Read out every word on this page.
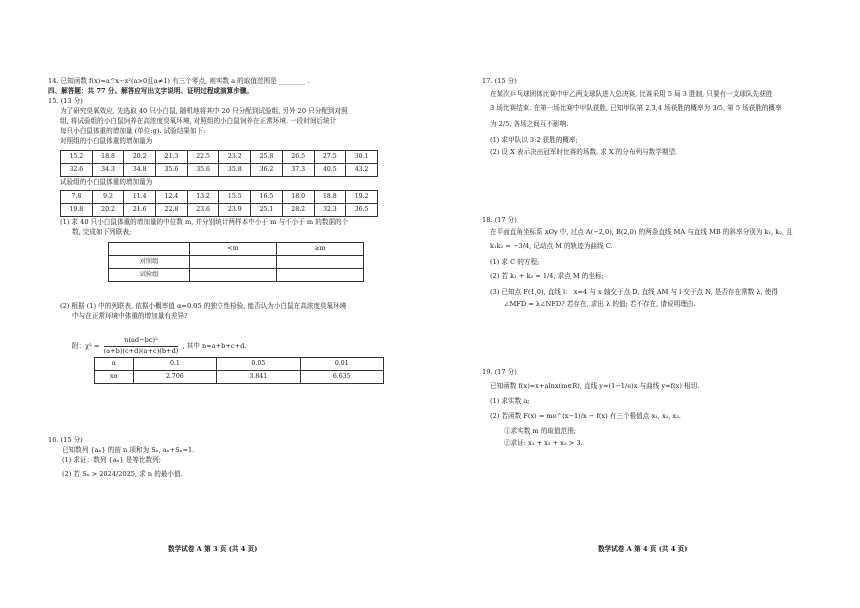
14. 已知函数 f(x)=a^x−x²(a>0且a≠1) 有三个零点, 则实数 a 的取值范围是 ________ .
四、解答题：共 77 分。解答应写出文字说明、证明过程或演算步骤。
15. (13 分)
为了研究臭氧效应, 先选取 40 只小白鼠, 随机地将其中 20 只分配到试验组, 另外 20 只分配到对照
组, 将试验组的小白鼠饲养在高浓度臭氧环境, 对照组的小白鼠饲养在正常环境. 一段时间后统计
每只小白鼠体重的增加量 (单位:g). 试验结果如下:
对照组的小白鼠体重的增加量为
15.2	18.8	20.2	21.3	22.5	23.2	25.8	26.5	27.5	30.1
32.6	34.3	34.8	35.6	35.6	35.8	36.2	37.3	40.5	43.2
试验组的小白鼠体重的增加量为
7.8	9.2	11.4	12.4	13.2	15.5	16.5	18.0	18.8	19.2
19.8	20.2	21.6	22.8	23.6	23.9	25.1	28.2	32.3	36.5
(1) 求 40 只小白鼠体重的增加量的中位数 m, 并分别统计两样本中小于 m 与不小于 m 的数据的个
数, 完成如下列联表;
	<m	≥m
对照组		
试验组		
(2) 根据 (1) 中的列联表, 依据小概率值 α=0.05 的独立性检验, 能否认为小白鼠在高浓度臭氧环境
中与在正常环境中体重的增加量有差异?
附：$\chi^2 = \frac{\text{n(ad−bc)²}}{(a+b)(c+d)(a+c)(b+d)}$ , 其中 n=a+b+c+d.
α	0.1	0.05	0.01
xα	2.706	3.841	6.635
16. (15 分)
已知数列 {aₙ} 的前 n 项和为 Sₙ, aₙ+Sₙ=1.
(1) 求证：数列 {aₙ} 是等比数列;
(2) 若 Sₙ > 2024/2025, 求 n 的最小值.
数学试卷 A 第 3 页 (共 4 页)
17. (15 分)
在某次乒乓球团体比赛中甲乙两支球队进入总决赛, 比赛采用 5 局 3 胜制, 只要有一支球队先获胜
3 场比赛结束. 在第一场比赛中甲队获胜, 已知甲队第 2,3,4 场获胜的概率为 3/5, 第 5 场获胜的概率
为 2/5, 各场之间互不影响.
(1) 求甲队以 3:2 获胜的概率;
(2) 设 X 表示决出冠军时比赛的场数. 求 X 的分布列与数学期望.
18. (17 分)
在平面直角坐标系 xOy 中, 过点 A(−2,0), B(2,0) 的两条直线 MA 与直线 MB 的斜率分别为 k₁, k₂, 且
k₁k₂ = −3/4, 记动点 M 的轨迹为曲线 C.
(1) 求 C 的方程;
(2) 若 k₁ + k₂ = 1/4, 求点 M 的坐标;
(3) 已知点 F(1,0), 直线 l： x=4 与 x 轴交于点 D, 直线 AM 与 l 交于点 N, 是否存在常数 λ, 使得
∠MFD = λ∠NFD? 若存在, 求出 λ 的值; 若不存在, 请说明理由.
19. (17 分)
已知函数 f(x)=x+alnx(m∈R), 直线 y=(1−1/e)x 与曲线 y=f(x) 相切.
(1) 求实数 a;
(2) 若函数 F(x) = me^(x−1)/x − f(x) 有三个极值点 x₁, x₂, x₃.
①求实数 m 的取值范围;
②求证: x₁ + x₂ + x₃ > 3.
数学试卷 A 第 4 页 (共 4 页)
